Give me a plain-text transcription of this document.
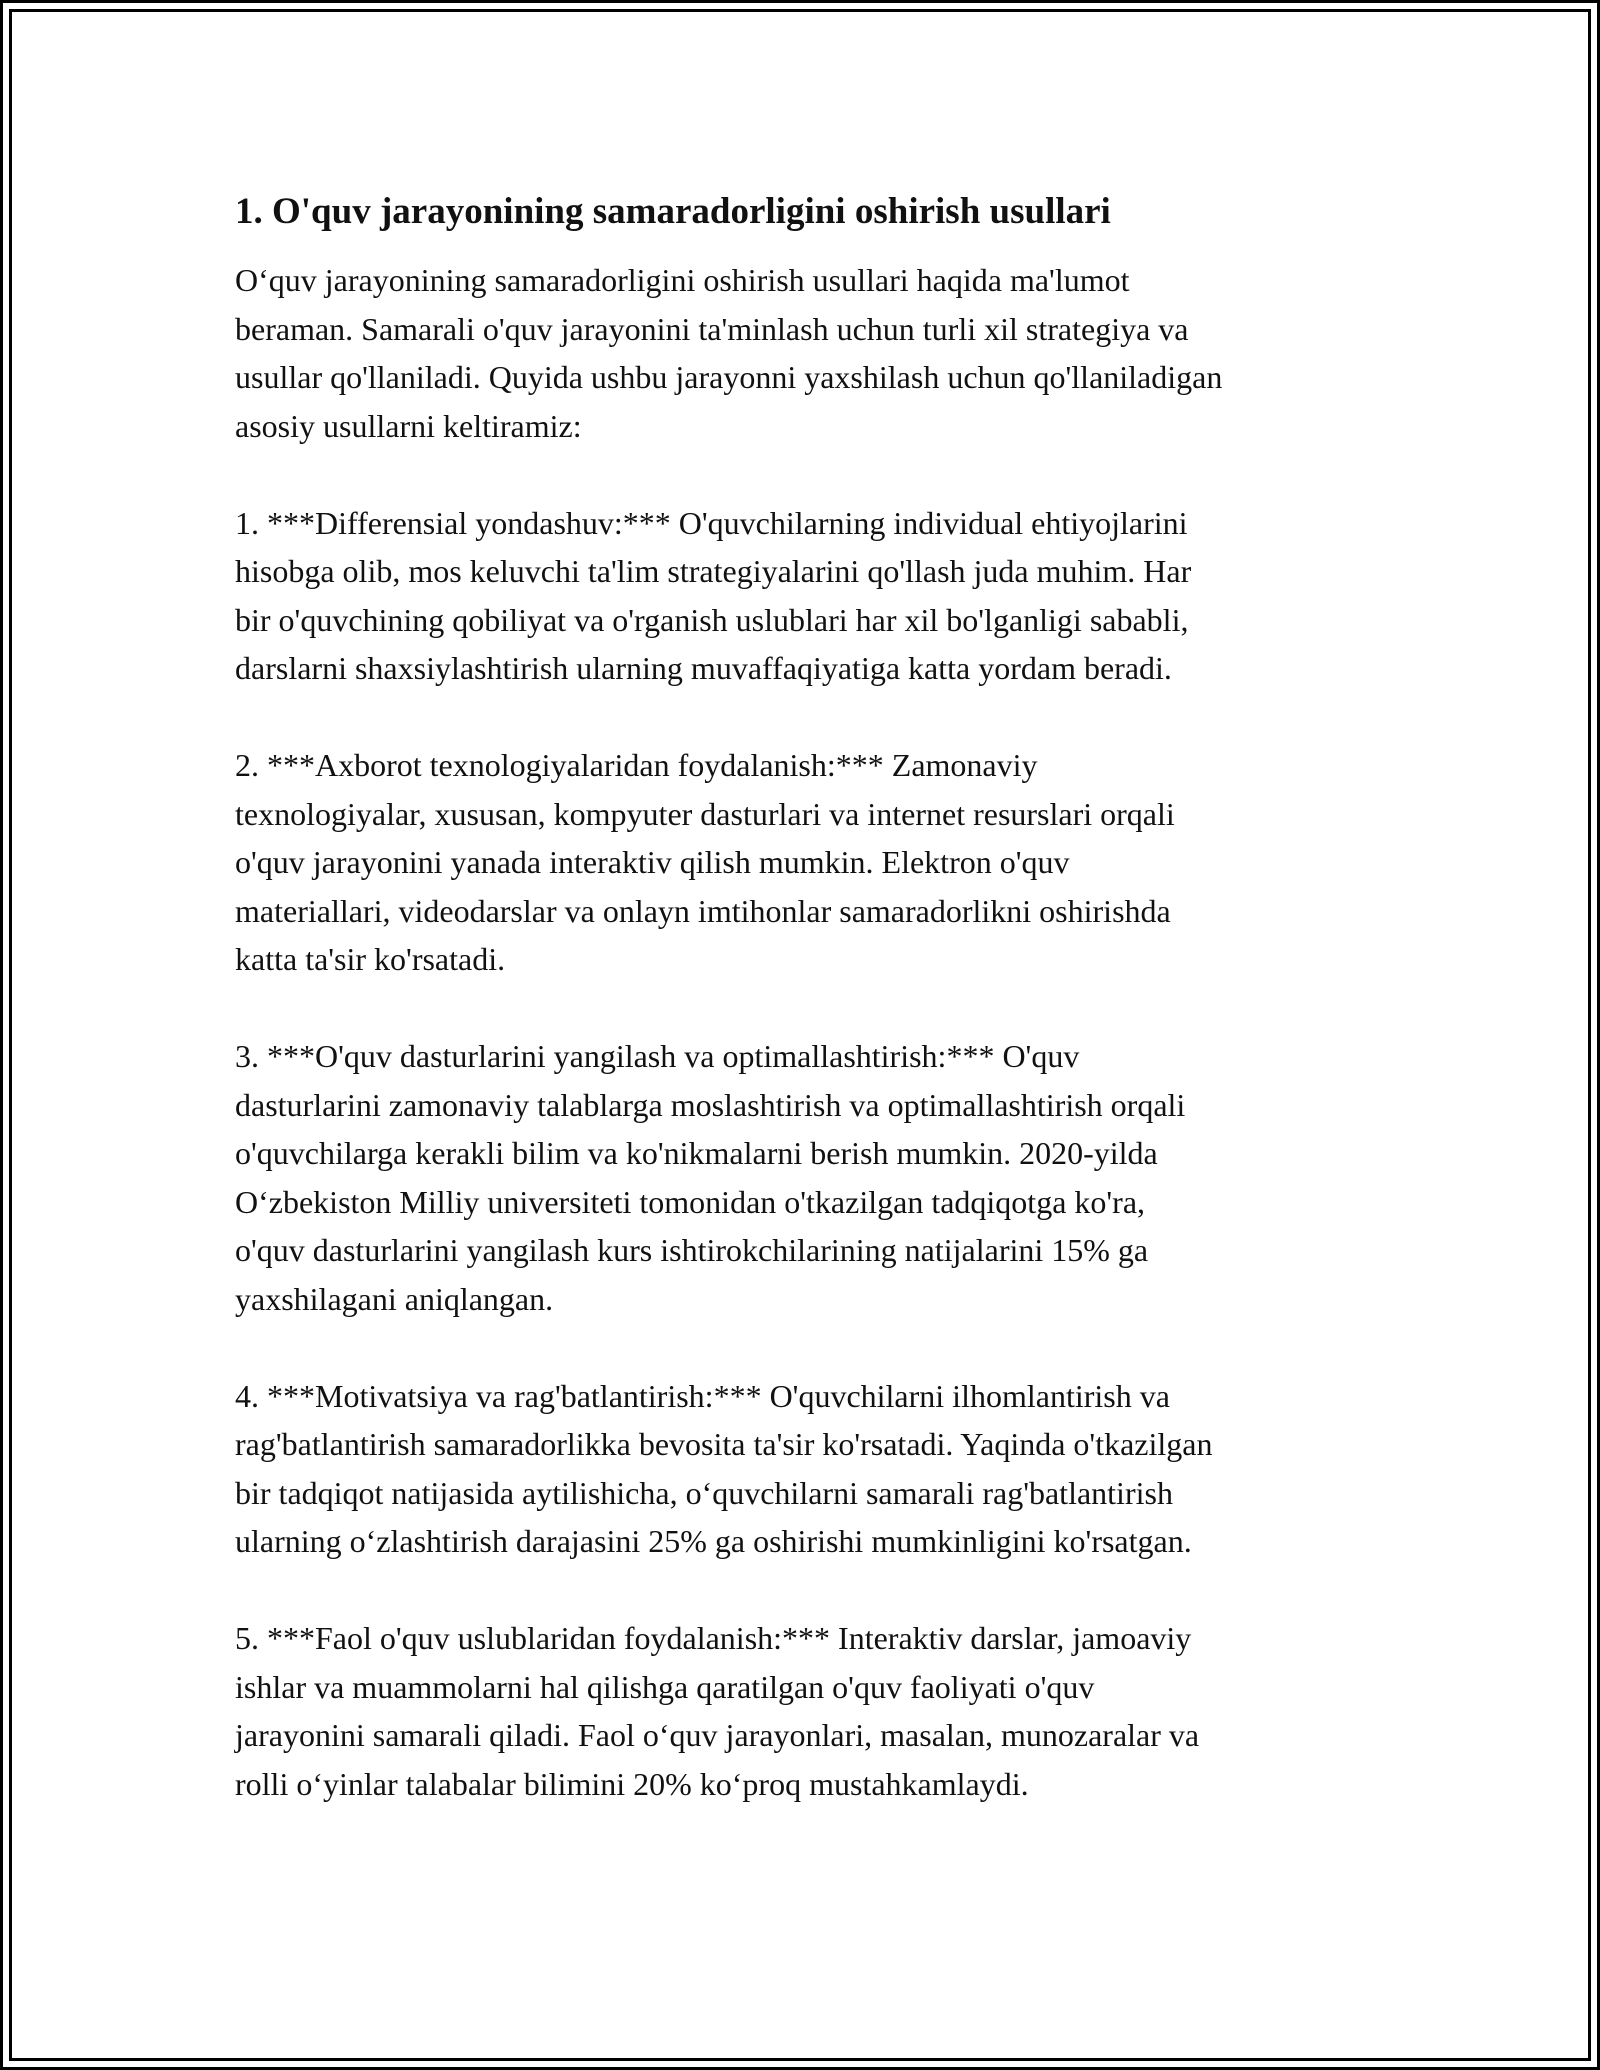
1. O'quv jarayonining samaradorligini oshirish usullari

O‘quv jarayonining samaradorligini oshirish usullari haqida ma'lumot
beraman. Samarali o'quv jarayonini ta'minlash uchun turli xil strategiya va
usullar qo'llaniladi. Quyida ushbu jarayonni yaxshilash uchun qo'llaniladigan
asosiy usullarni keltiramiz:

1. ***Differensial yondashuv:*** O'quvchilarning individual ehtiyojlarini
hisobga olib, mos keluvchi ta'lim strategiyalarini qo'llash juda muhim. Har
bir o'quvchining qobiliyat va o'rganish uslublari har xil bo'lganligi sababli,
darslarni shaxsiylashtirish ularning muvaffaqiyatiga katta yordam beradi.

2. ***Axborot texnologiyalaridan foydalanish:*** Zamonaviy
texnologiyalar, xususan, kompyuter dasturlari va internet resurslari orqali
o'quv jarayonini yanada interaktiv qilish mumkin. Elektron o'quv
materiallari, videodarslar va onlayn imtihonlar samaradorlikni oshirishda
katta ta'sir ko'rsatadi.

3. ***O'quv dasturlarini yangilash va optimallashtirish:*** O'quv
dasturlarini zamonaviy talablarga moslashtirish va optimallashtirish orqali
o'quvchilarga kerakli bilim va ko'nikmalarni berish mumkin. 2020-yilda
O‘zbekiston Milliy universiteti tomonidan o'tkazilgan tadqiqotga ko'ra,
o'quv dasturlarini yangilash kurs ishtirokchilarining natijalarini 15% ga
yaxshilagani aniqlangan.

4. ***Motivatsiya va rag'batlantirish:*** O'quvchilarni ilhomlantirish va
rag'batlantirish samaradorlikka bevosita ta'sir ko'rsatadi. Yaqinda o'tkazilgan
bir tadqiqot natijasida aytilishicha, o‘quvchilarni samarali rag'batlantirish
ularning o‘zlashtirish darajasini 25% ga oshirishi mumkinligini ko'rsatgan.

5. ***Faol o'quv uslublaridan foydalanish:*** Interaktiv darslar, jamoaviy
ishlar va muammolarni hal qilishga qaratilgan o'quv faoliyati o'quv
jarayonini samarali qiladi. Faol o‘quv jarayonlari, masalan, munozaralar va
rolli o‘yinlar talabalar bilimini 20% ko‘proq mustahkamlaydi.
